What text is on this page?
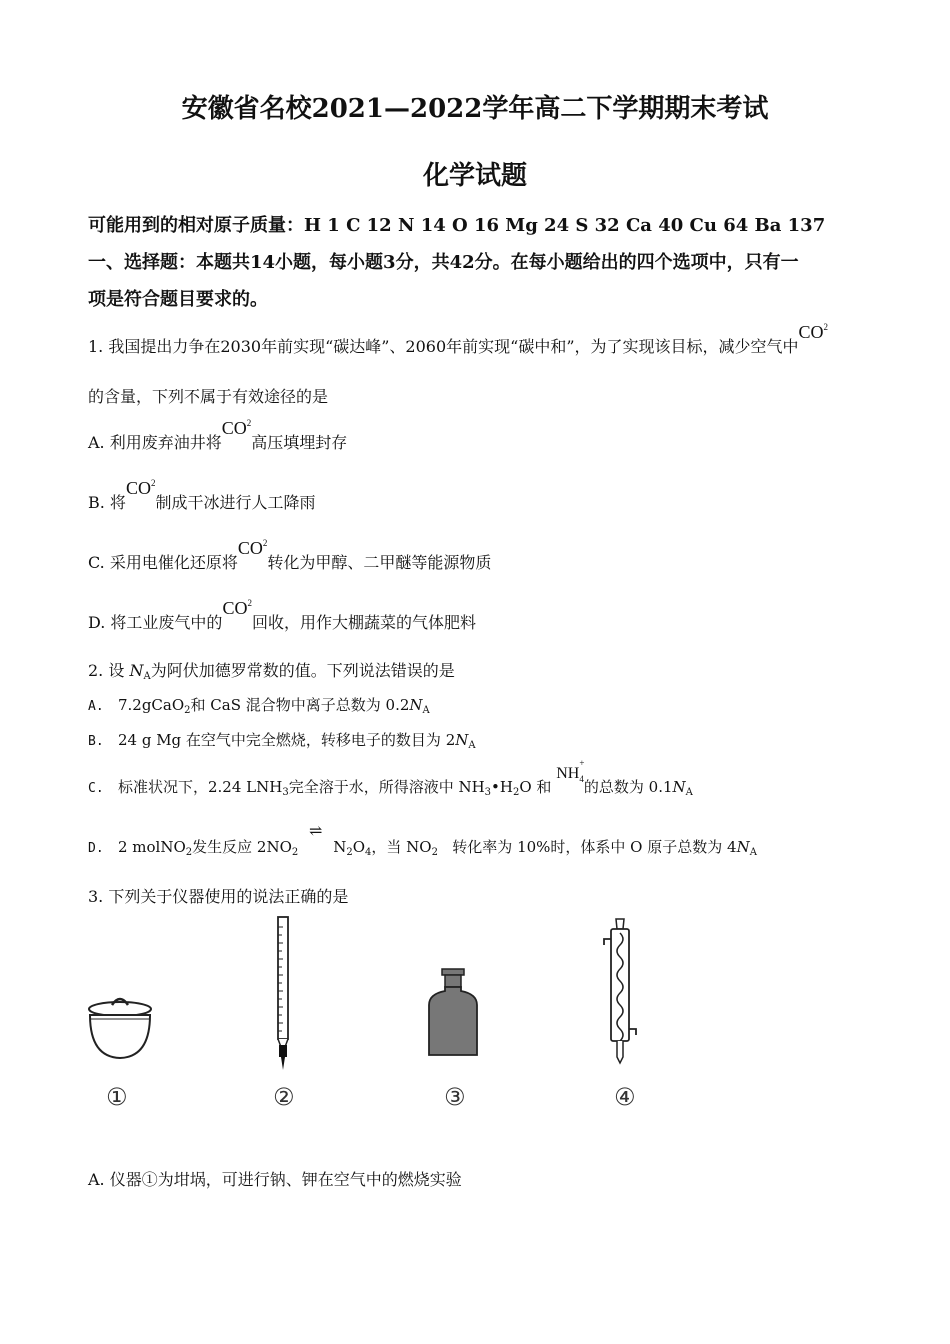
安徽省名校2021—2022学年高二下学期期末考试
化学试题
可能用到的相对原子质量：H 1 C 12 N 14 O 16 Mg 24 S 32 Ca 40 Cu 64 Ba 137
一、选择题：本题共14小题，每小题3分，共42分。在每小题给出的四个选项中，只有一
项是符合题目要求的。
1. 我国提出力争在2030年前实现“碳达峰”、2060年前实现“碳中和”，为了实现该目标，减少空气中$CO^2$
的含量，下列不属于有效途径的是
A. 利用废弃油井将$CO^2$高压填埋封存
B. 将$CO^2$制成干冰进行人工降雨
C. 采用电催化还原将$CO^2$转化为甲醇、二甲醚等能源物质
D. 将工业废气中的$CO^2$回收，用作大棚蔬菜的气体肥料
2. 设 $N_A$为阿伏加德罗常数的值。下列说法错误的是
A. 7.2gCaO$_2$和 CaS 混合物中离子总数为 $0.2N_A$
B. 24 g Mg 在空气中完全燃烧，转移电子的数目为 $2N_A$
C. 标准状况下，2.24 $LNH_3$完全溶于水，所得溶液中 $NH_3•H_2O$ 和 $NH^+_4$的总数为 $0.1N_A$
D. 2 molNO$_2$发生反应 $2NO_2$ ⇌ $N_2O_4$，当 $NO_2$ 转化率为 10%时，体系中 O 原子总数为 $4N_A$
3. 下列关于仪器使用的说法正确的是
①	②	③	④
A. 仪器①为坩埚，可进行钠、钾在空气中的燃烧实验
